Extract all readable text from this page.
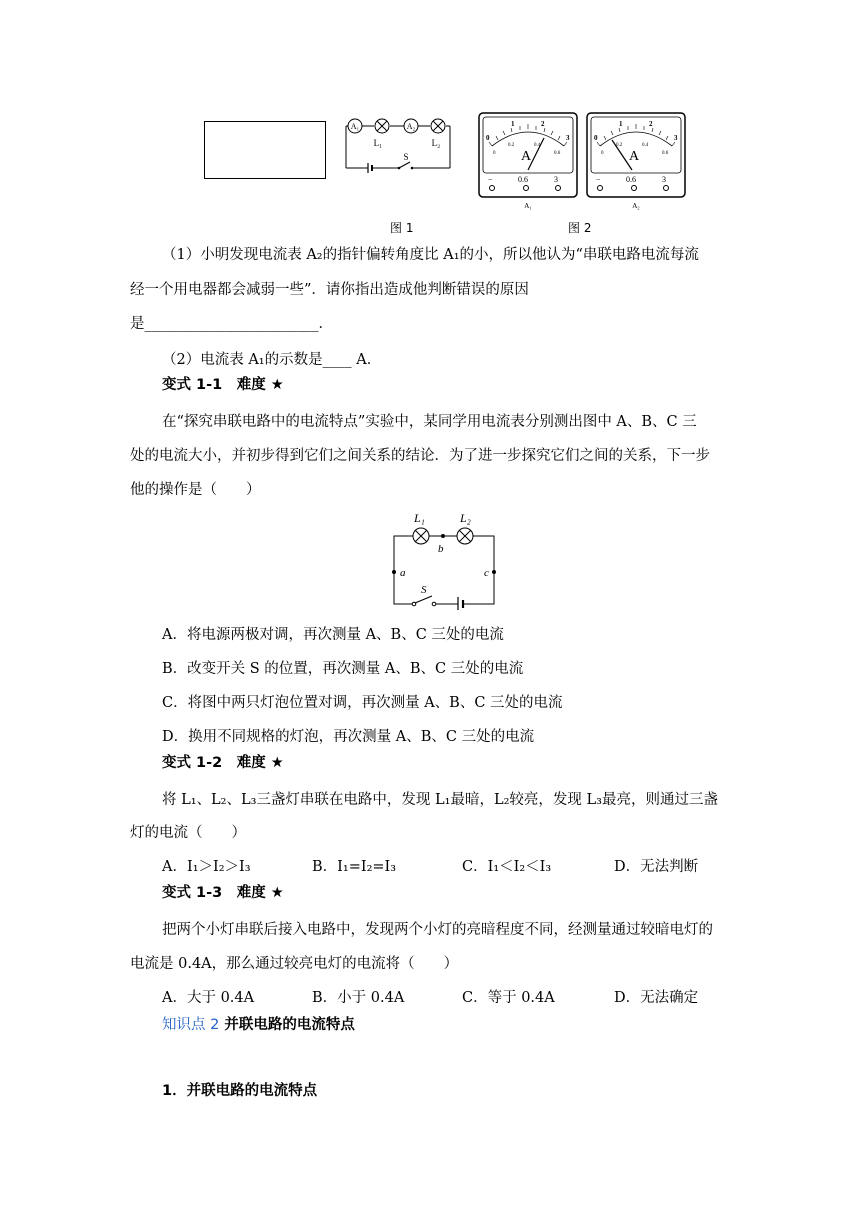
A₁
L₁
A₂
L₂
S
图 1
0
1	2
3
0
0.2	0.4
0.6
A
−	0.6	3
A₁
0
1	2
3
0
0.2	0.4
0.6
A
−	0.6	3
A₂
图 2
（1）小明发现电流表 A₂的指针偏转角度比 A₁的小，所以他认为“串联电路电流每流
经一个用电器都会减弱一些”．请你指出造成他判断错误的原因
是________________________．
（2）电流表 A₁的示数是____ A．
变式 1-1　难度 ★
在“探究串联电路中的电流特点”实验中，某同学用电流表分别测出图中 A、B、C 三
处的电流大小，并初步得到它们之间关系的结论．为了进一步探究它们之间的关系，下一步
他的操作是（　　）
L₁	L₂
b
a	c
S
A．将电源两极对调，再次测量 A、B、C 三处的电流
B．改变开关 S 的位置，再次测量 A、B、C 三处的电流
C．将图中两只灯泡位置对调，再次测量 A、B、C 三处的电流
D．换用不同规格的灯泡，再次测量 A、B、C 三处的电流
变式 1-2　难度 ★
将 L₁、L₂、L₃三盏灯串联在电路中，发现 L₁最暗，L₂较亮，发现 L₃最亮，则通过三盏
灯的电流（　　）
A．I₁＞I₂＞I₃	B．I₁=I₂=I₃	C．I₁＜I₂＜I₃	D．无法判断
变式 1-3　难度 ★
把两个小灯串联后接入电路中，发现两个小灯的亮暗程度不同，经测量通过较暗电灯的
电流是 0.4A，那么通过较亮电灯的电流将（　　）
A．大于 0.4A	B．小于 0.4A	C．等于 0.4A	D．无法确定
知识点 2 并联电路的电流特点
1．并联电路的电流特点
